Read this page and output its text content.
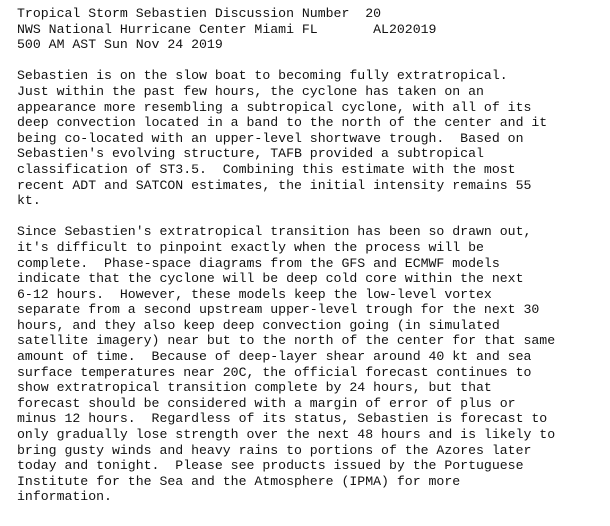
Tropical Storm Sebastien Discussion Number  20
NWS National Hurricane Center Miami FL       AL202019
500 AM AST Sun Nov 24 2019
Sebastien is on the slow boat to becoming fully extratropical.
Just within the past few hours, the cyclone has taken on an
appearance more resembling a subtropical cyclone, with all of its
deep convection located in a band to the north of the center and it
being co-located with an upper-level shortwave trough.  Based on
Sebastien's evolving structure, TAFB provided a subtropical
classification of ST3.5.  Combining this estimate with the most
recent ADT and SATCON estimates, the initial intensity remains 55
kt.
Since Sebastien's extratropical transition has been so drawn out,
it's difficult to pinpoint exactly when the process will be
complete.  Phase-space diagrams from the GFS and ECMWF models
indicate that the cyclone will be deep cold core within the next
6-12 hours.  However, these models keep the low-level vortex
separate from a second upstream upper-level trough for the next 30
hours, and they also keep deep convection going (in simulated
satellite imagery) near but to the north of the center for that same
amount of time.  Because of deep-layer shear around 40 kt and sea
surface temperatures near 20C, the official forecast continues to
show extratropical transition complete by 24 hours, but that
forecast should be considered with a margin of error of plus or
minus 12 hours.  Regardless of its status, Sebastien is forecast to
only gradually lose strength over the next 48 hours and is likely to
bring gusty winds and heavy rains to portions of the Azores later
today and tonight.  Please see products issued by the Portuguese
Institute for the Sea and the Atmosphere (IPMA) for more
information.
